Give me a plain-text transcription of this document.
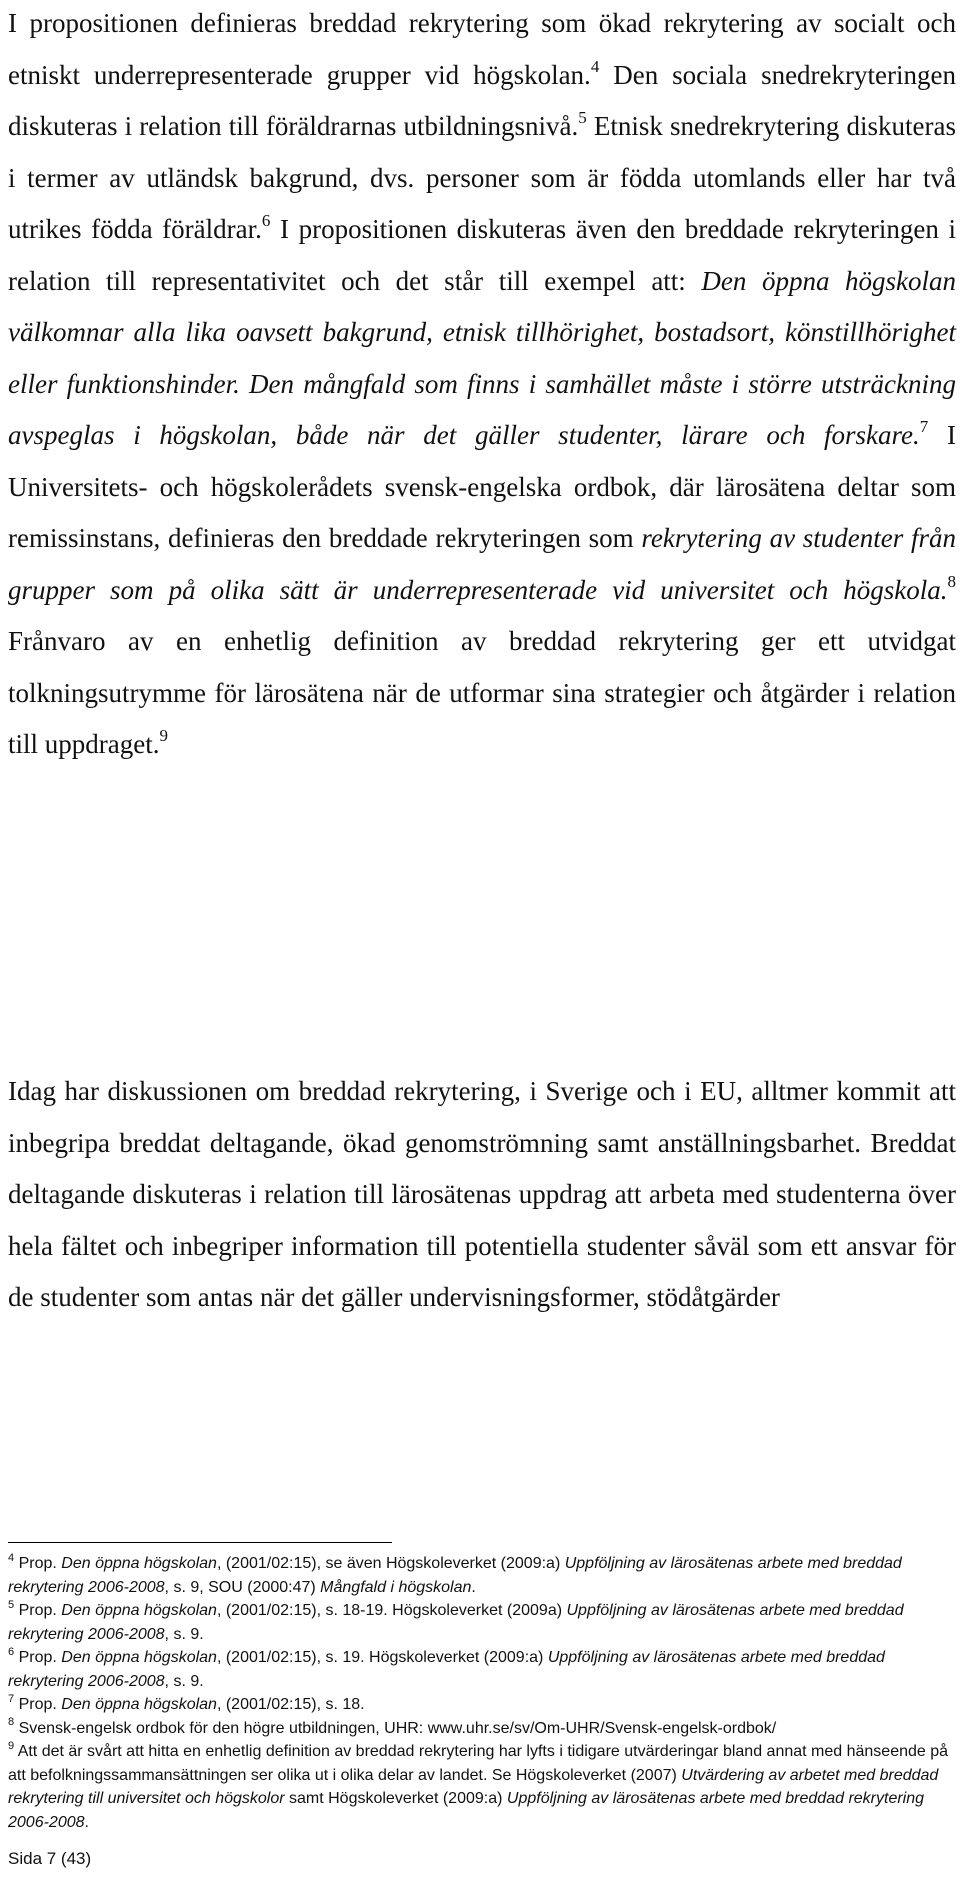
I propositionen definieras breddad rekrytering som ökad rekrytering av socialt och etniskt underrepresenterade grupper vid högskolan.$^4$ Den sociala snedrekryteringen diskuteras i relation till föräldrarnas utbildningsnivå.$^5$ Etnisk snedrekrytering diskuteras i termer av utländsk bakgrund, dvs. personer som är födda utomlands eller har två utrikes födda föräldrar.$^6$ I propositionen diskuteras även den breddade rekryteringen i relation till representativitet och det står till exempel att: Den öppna högskolan välkomnar alla lika oavsett bakgrund, etnisk tillhörighet, bostadsort, könstillhörighet eller funktionshinder. Den mångfald som finns i samhället måste i större utsträckning avspeglas i högskolan, både när det gäller studenter, lärare och forskare.$^7$ I Universitets- och högskolerådets svensk-engelska ordbok, där lärosätena deltar som remissinstans, definieras den breddade rekryteringen som rekrytering av studenter från grupper som på olika sätt är underrepresenterade vid universitet och högskola.$^8$ Frånvaro av en enhetlig definition av breddad rekrytering ger ett utvidgat tolkningsutrymme för lärosätena när de utformar sina strategier och åtgärder i relation till uppdraget.$^9$

Idag har diskussionen om breddad rekrytering, i Sverige och i EU, alltmer kommit att inbegripa breddat deltagande, ökad genomströmning samt anställningsbarhet. Breddat deltagande diskuteras i relation till lärosätenas uppdrag att arbeta med studenterna över hela fältet och inbegriper information till potentiella studenter såväl som ett ansvar för de studenter som antas när det gäller undervisningsformer, stödåtgärder

$^4$ Prop. Den öppna högskolan, (2001/02:15), se även Högskoleverket (2009:a) Uppföljning av lärosätenas arbete med breddad rekrytering 2006-2008, s. 9, SOU (2000:47) Mångfald i högskolan.

$^5$ Prop. Den öppna högskolan, (2001/02:15), s. 18-19. Högskoleverket (2009a) Uppföljning av lärosätenas arbete med breddad rekrytering 2006-2008, s. 9.

$^6$ Prop. Den öppna högskolan, (2001/02:15), s. 19. Högskoleverket (2009:a) Uppföljning av lärosätenas arbete med breddad rekrytering 2006-2008, s. 9.

$^7$ Prop. Den öppna högskolan, (2001/02:15), s. 18.

$^8$ Svensk-engelsk ordbok för den högre utbildningen, UHR: www.uhr.se/sv/Om-UHR/Svensk-engelsk-ordbok/

$^9$ Att det är svårt att hitta en enhetlig definition av breddad rekrytering har lyfts i tidigare utvärderingar bland annat med hänseende på att befolkningssammansättningen ser olika ut i olika delar av landet. Se Högskoleverket (2007) Utvärdering av arbetet med breddad rekrytering till universitet och högskolor samt Högskoleverket (2009:a) Uppföljning av lärosätenas arbete med breddad rekrytering 2006-2008.

Sida 7 (43)
